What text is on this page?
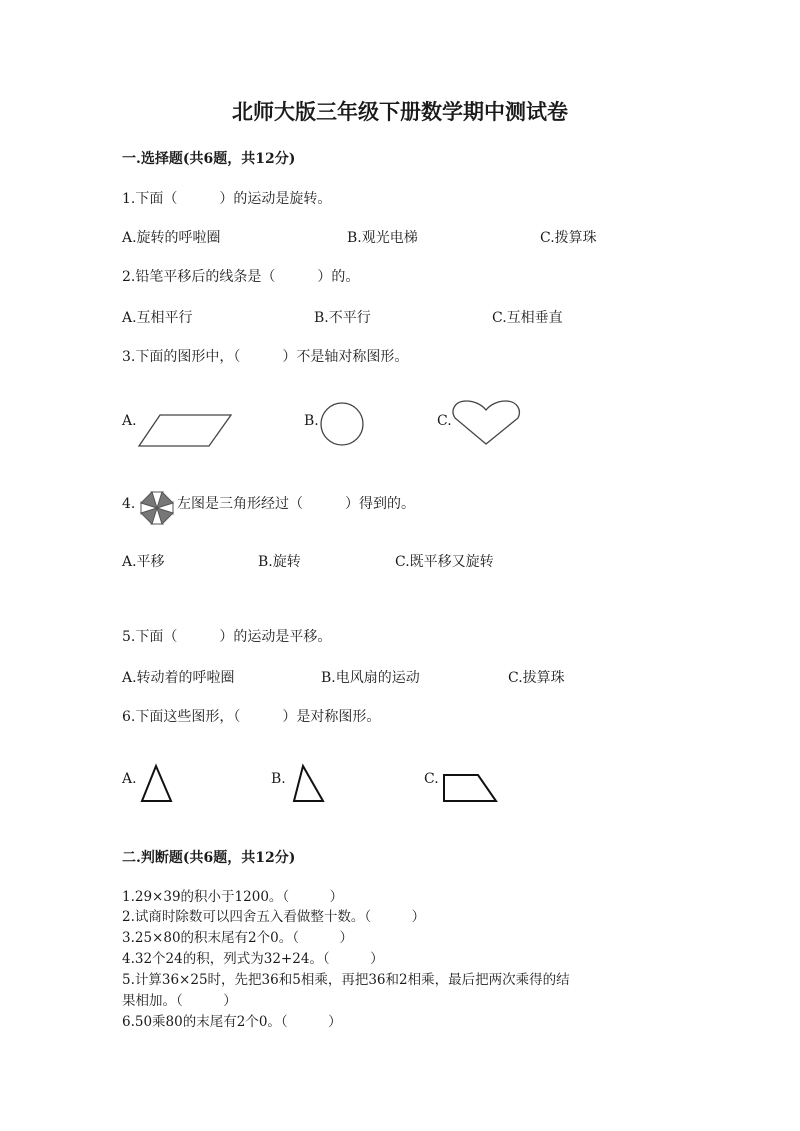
北师大版三年级下册数学期中测试卷
一.选择题(共6题，共12分)
1.下面（　　　）的运动是旋转。
A.旋转的呼啦圈	B.观光电梯	C.拨算珠
2.铅笔平移后的线条是（　　　）的。
A.互相平行	B.不平行	C.互相垂直
3.下面的图形中，（　　　）不是轴对称图形。
A.	B.	C.
4.	左图是三角形经过（　　　）得到的。
A.平移	B.旋转	C.既平移又旋转
5.下面（　　　）的运动是平移。
A.转动着的呼啦圈	B.电风扇的运动	C.拔算珠
6.下面这些图形，（　　　）是对称图形。
A.	B.	C.
二.判断题(共6题，共12分)
1.29×39的积小于1200。（　　　）
2.试商时除数可以四舍五入看做整十数。（　　　）
3.25×80的积末尾有2个0。（　　　）
4.32个24的积，列式为32+24。（　　　）
5.计算36×25时，先把36和5相乘，再把36和2相乘，最后把两次乘得的结
果相加。（　　　）
6.50乘80的末尾有2个0。（　　　）
